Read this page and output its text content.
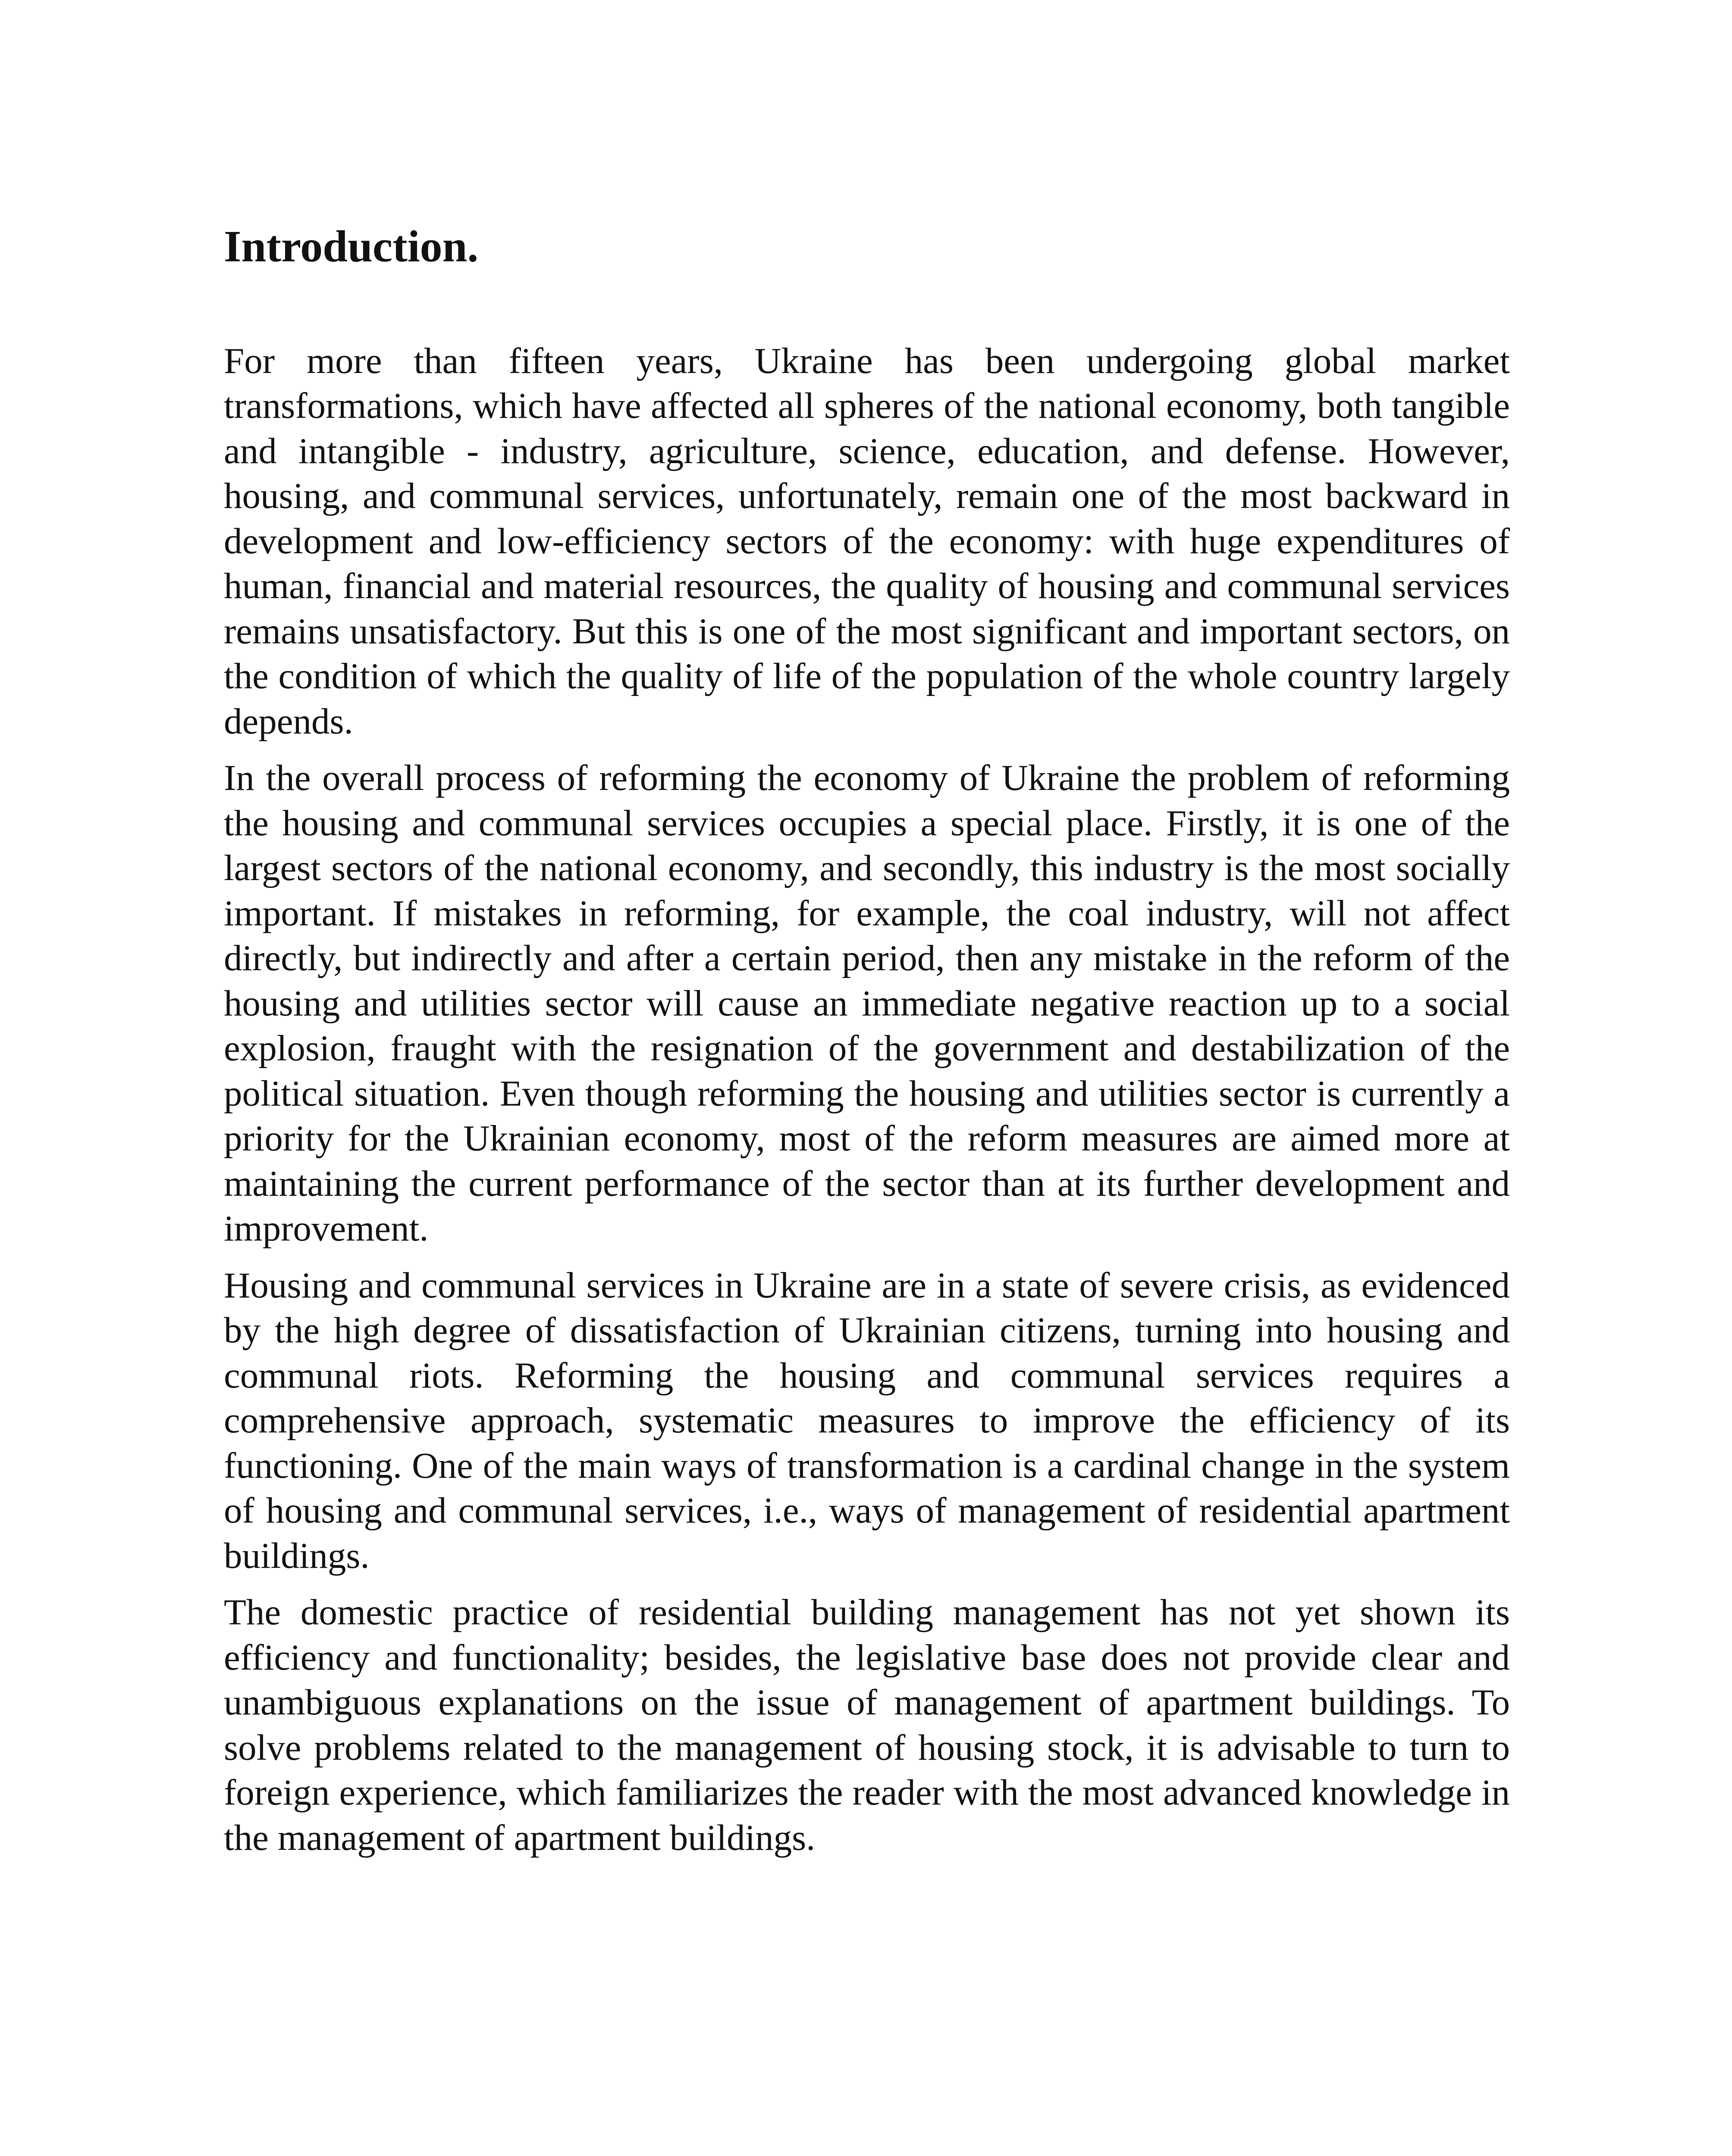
Introduction.

For more than fifteen years, Ukraine has been undergoing global market transformations, which have affected all spheres of the national economy, both tangible and intangible - industry, agriculture, science, education, and defense. However, housing, and communal services, unfortunately, remain one of the most backward in development and low-efficiency sectors of the economy: with huge expenditures of human, financial and material resources, the quality of housing and communal services remains unsatisfactory. But this is one of the most significant and important sectors, on the condition of which the quality of life of the population of the whole country largely depends.

In the overall process of reforming the economy of Ukraine the problem of reforming the housing and communal services occupies a special place. Firstly, it is one of the largest sectors of the national economy, and secondly, this industry is the most socially important. If mistakes in reforming, for example, the coal industry, will not affect directly, but indirectly and after a certain period, then any mistake in the reform of the housing and utilities sector will cause an immediate negative reaction up to a social explosion, fraught with the resignation of the government and destabilization of the political situation. Even though reforming the housing and utilities sector is currently a priority for the Ukrainian economy, most of the reform measures are aimed more at maintaining the current performance of the sector than at its further development and improvement.

Housing and communal services in Ukraine are in a state of severe crisis, as evidenced by the high degree of dissatisfaction of Ukrainian citizens, turning into housing and communal riots. Reforming the housing and communal services requires a comprehensive approach, systematic measures to improve the efficiency of its functioning. One of the main ways of transformation is a cardinal change in the system of housing and communal services, i.e., ways of management of residential apartment buildings.

The domestic practice of residential building management has not yet shown its efficiency and functionality; besides, the legislative base does not provide clear and unambiguous explanations on the issue of management of apartment buildings. To solve problems related to the management of housing stock, it is advisable to turn to foreign experience, which familiarizes the reader with the most advanced knowledge in the management of apartment buildings.
